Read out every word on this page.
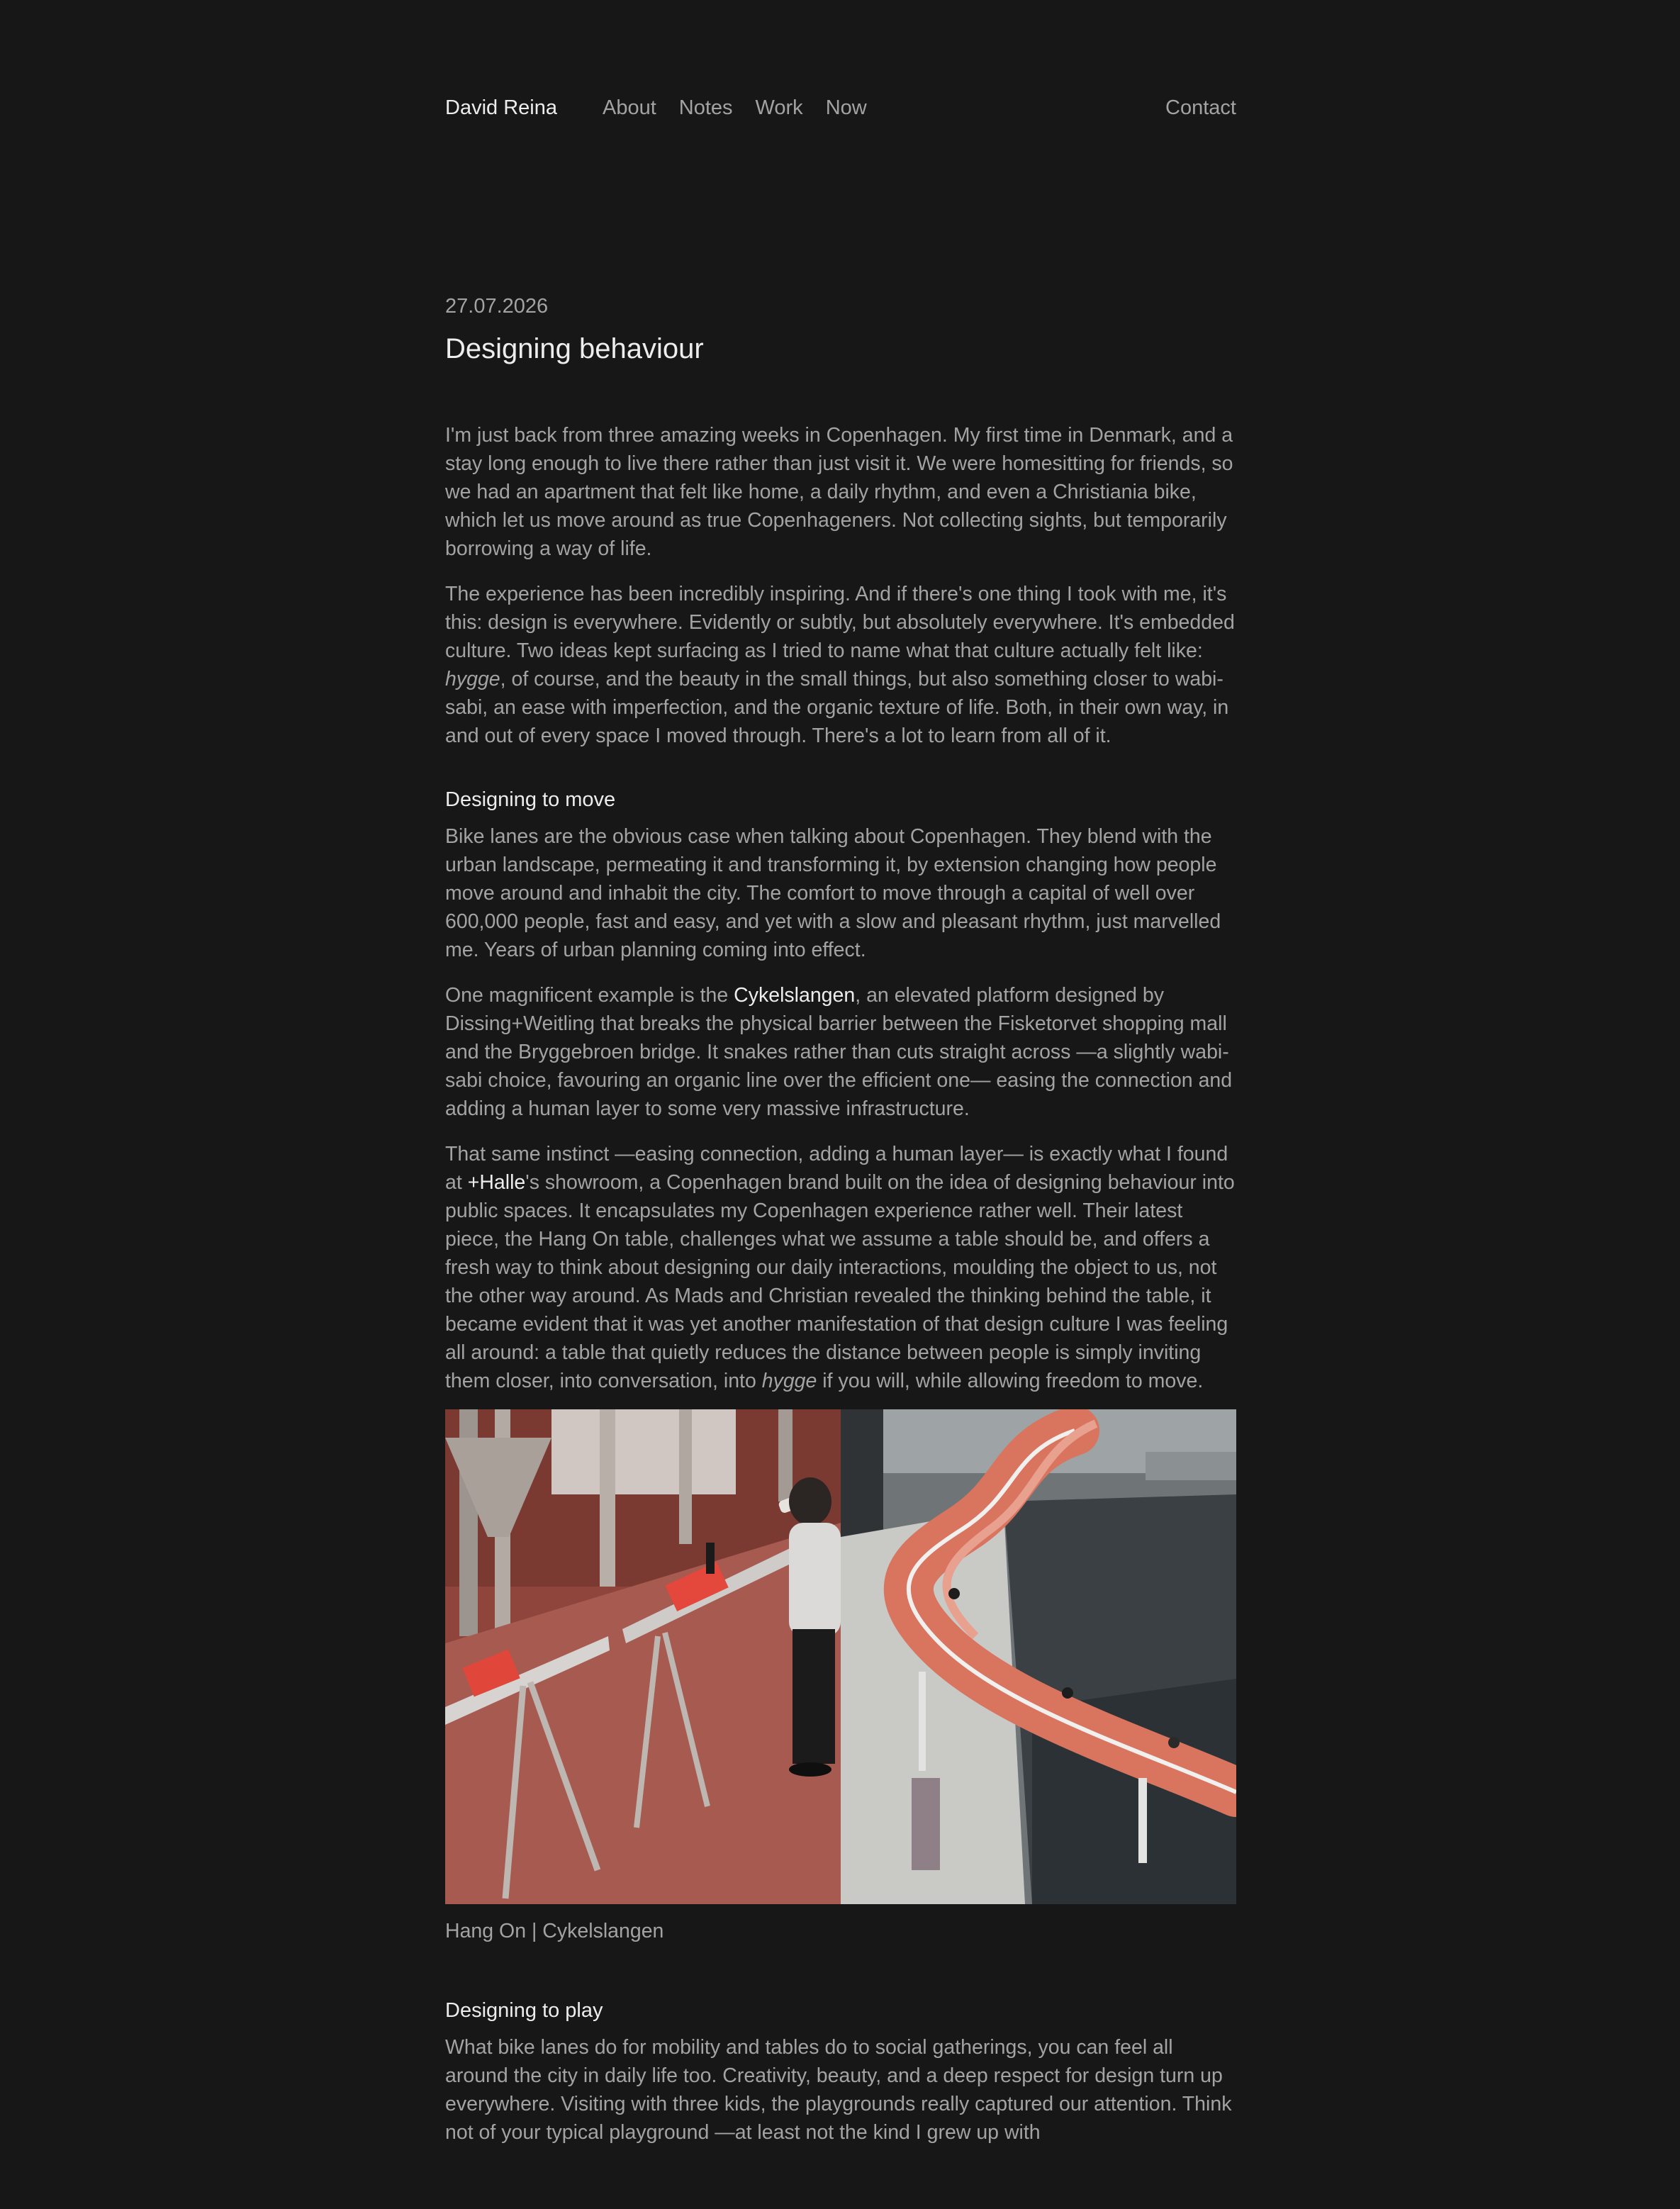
David Reina About Notes Work Now	Contact

27.07.2026

Designing behaviour

I'm just back from three amazing weeks in Copenhagen. My first time in Denmark, and a stay long enough to live there rather than just visit it. We were homesitting for friends, so we had an apartment that felt like home, a daily rhythm, and even a Christiania bike, which let us move around as true Copenhageners. Not collecting sights, but temporarily borrowing a way of life.

The experience has been incredibly inspiring. And if there's one thing I took with me, it's this: design is everywhere. Evidently or subtly, but absolutely everywhere. It's embedded culture. Two ideas kept surfacing as I tried to name what that culture actually felt like: hygge, of course, and the beauty in the small things, but also something closer to wabi-sabi, an ease with imperfection, and the organic texture of life. Both, in their own way, in and out of every space I moved through. There's a lot to learn from all of it.

Designing to move

Bike lanes are the obvious case when talking about Copenhagen. They blend with the urban landscape, permeating it and transforming it, by extension changing how people move around and inhabit the city. The comfort to move through a capital of well over 600,000 people, fast and easy, and yet with a slow and pleasant rhythm, just marvelled me. Years of urban planning coming into effect.

One magnificent example is the Cykelslangen, an elevated platform designed by Dissing+Weitling that breaks the physical barrier between the Fisketorvet shopping mall and the Bryggebroen bridge. It snakes rather than cuts straight across —a slightly wabi-sabi choice, favouring an organic line over the efficient one— easing the connection and adding a human layer to some very massive infrastructure.

That same instinct —easing connection, adding a human layer— is exactly what I found at +Halle's showroom, a Copenhagen brand built on the idea of designing behaviour into public spaces. It encapsulates my Copenhagen experience rather well. Their latest piece, the Hang On table, challenges what we assume a table should be, and offers a fresh way to think about designing our daily interactions, moulding the object to us, not the other way around. As Mads and Christian revealed the thinking behind the table, it became evident that it was yet another manifestation of that design culture I was feeling all around: a table that quietly reduces the distance between people is simply inviting them closer, into conversation, into hygge if you will, while allowing freedom to move.

Hang On | Cykelslangen

Designing to play

What bike lanes do for mobility and tables do to social gatherings, you can feel all around the city in daily life too. Creativity, beauty, and a deep respect for design turn up everywhere. Visiting with three kids, the playgrounds really captured our attention. Think not of your typical playground —at least not the kind I grew up with
